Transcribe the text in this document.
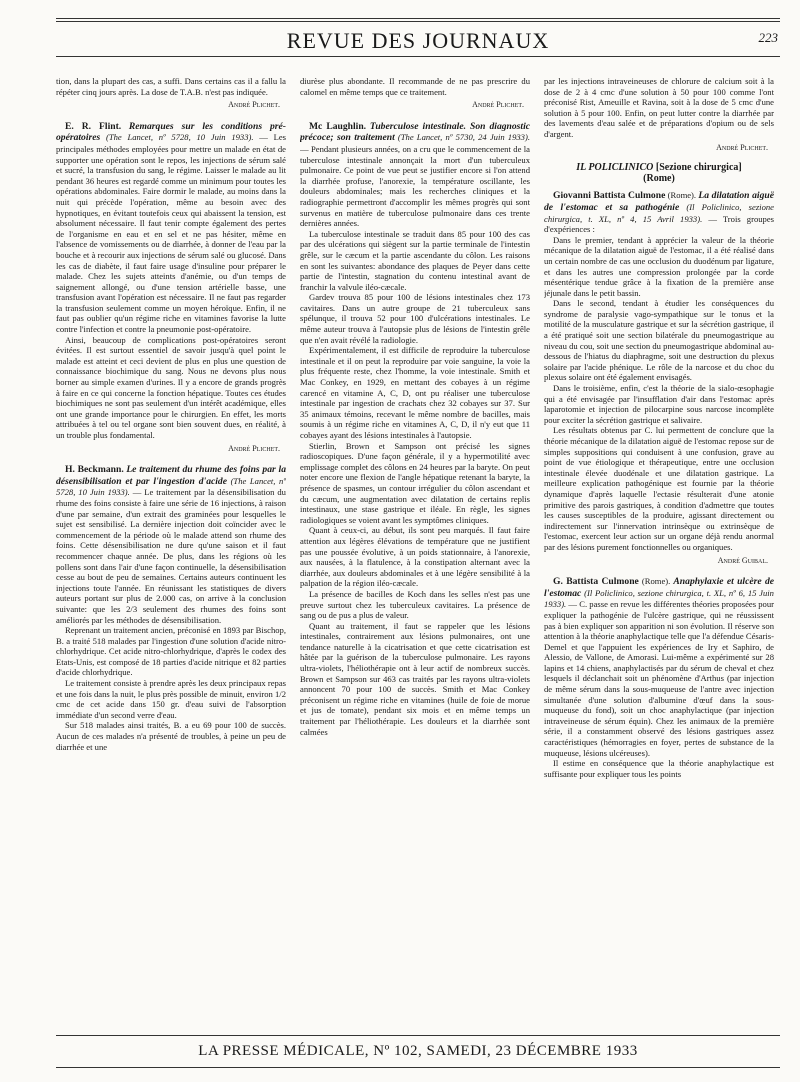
REVUE DES JOURNAUX	223

tion, dans la plupart des cas, a suffi. Dans certains cas il a fallu la répéter cinq jours après. La dose de T.A.B. n'est pas indiquée.

André Plichet.

E. R. Flint. Remarques sur les conditions pré-opératoires (The Lancet, nº 5728, 10 Juin 1933). — Les principales méthodes employées pour mettre un malade en état de supporter une opération sont le repos, les injections de sérum salé et sucré, la transfusion du sang, le régime. Laisser le malade au lit pendant 36 heures est regardé comme un minimum pour toutes les opérations abdominales. Faire dormir le malade, au moins dans la nuit qui précède l'opération, même au besoin avec des hypnotiques, en évitant toutefois ceux qui abaissent la tension, est absolument nécessaire. Il faut tenir compte également des pertes de l'organisme en eau et en sel et ne pas hésiter, même en l'absence de vomissements ou de diarrhée, à donner de l'eau par la bouche et à recourir aux injections de sérum salé ou glucosé. Dans les cas de diabète, il faut faire usage d'insuline pour préparer le malade. Chez les sujets atteints d'anémie, ou d'un temps de saignement allongé, ou d'une tension artérielle basse, une transfusion avant l'opération est nécessaire. Il ne faut pas regarder la transfusion seulement comme un moyen héroïque. Enfin, il ne faut pas oublier qu'un régime riche en vitamines favorise la lutte contre l'infection et contre la pneumonie post-opératoire.

Ainsi, beaucoup de complications post-opératoires seront évitées. Il est surtout essentiel de savoir jusqu'à quel point le malade est atteint et ceci devient de plus en plus une question de connaissance biochimique du sang. Nous ne devons plus nous borner au simple examen d'urines. Il y a encore de grands progrès à faire en ce qui concerne la fonction hépatique. Toutes ces études biochimiques ne sont pas seulement d'un intérêt académique, elles ont une grande importance pour le chirurgien. En effet, les morts attribuées à tel ou tel organe sont bien souvent dues, en réalité, à un trouble plus fondamental.

André Plichet.

H. Beckmann. Le traitement du rhume des foins par la désensibilisation et par l'ingestion d'acide (The Lancet, nº 5728, 10 Juin 1933). — Le traitement par la désensibilisation du rhume des foins consiste à faire une série de 16 injections, à raison d'une par semaine, d'un extrait des graminées pour lesquelles le sujet est sensibilisé. La dernière injection doit coïncider avec le commencement de la période où le malade attend son rhume des foins. Cette désensibilisation ne dure qu'une saison et il faut recommencer chaque année. De plus, dans les régions où les pollens sont dans l'air d'une façon continuelle, la désensibilisation cesse au bout de peu de semaines. Certains auteurs continuent les injections toute l'année. En réunissant les statistiques de divers auteurs portant sur plus de 2.000 cas, on arrive à la conclusion suivante: que les 2/3 seulement des rhumes des foins sont améliorés par les méthodes de désensibilisation.

Reprenant un traitement ancien, préconisé en 1893 par Bischop, B. a traité 518 malades par l'ingestion d'une solution d'acide nitro-chlorhydrique. Cet acide nitro-chlorhydrique, d'après le codex des Etats-Unis, est composé de 18 parties d'acide nitrique et 82 parties d'acide chlorhydrique.

Le traitement consiste à prendre après les deux principaux repas et une fois dans la nuit, le plus près possible de minuit, environ 1/2 cmc de cet acide dans 150 gr. d'eau suivi de l'absorption immédiate d'un second verre d'eau.

Sur 518 malades ainsi traités, B. a eu 69 pour 100 de succès. Aucun de ces malades n'a présenté de troubles, à peine un peu de diarrhée et une

diurèse plus abondante. Il recommande de ne pas prescrire du calomel en même temps que ce traitement.

André Plichet.

Mc Laughlin. Tuberculose intestinale. Son diagnostic précoce; son traitement (The Lancet, nº 5730, 24 Juin 1933). — Pendant plusieurs années, on a cru que le commencement de la tuberculose intestinale annonçait la mort d'un tuberculeux pulmonaire. Ce point de vue peut se justifier encore si l'on attend la diarrhée profuse, l'anorexie, la température oscillante, les douleurs abdominales; mais les recherches cliniques et la radiographie permettront d'accomplir les mêmes progrès qui sont survenus en matière de tuberculose pulmonaire dans ces trente dernières années.

La tuberculose intestinale se traduit dans 85 pour 100 des cas par des ulcérations qui siègent sur la partie terminale de l'intestin grêle, sur le cæcum et la partie ascendante du côlon. Les raisons en sont les suivantes: abondance des plaques de Peyer dans cette partie de l'intestin, stagnation du contenu intestinal avant de franchir la valvule iléo-cæcale.

Gardev trouva 85 pour 100 de lésions intestinales chez 173 cavitaires. Dans un autre groupe de 21 tuberculeux sans spélunque, il trouva 52 pour 100 d'ulcérations intestinales. Le même auteur trouva à l'autopsie plus de lésions de l'intestin grêle que n'en avait révélé la radiologie.

Expérimentalement, il est difficile de reproduire la tuberculose intestinale et il on peut la reproduire par voie sanguine, la voie la plus fréquente reste, chez l'homme, la voie intestinale. Smith et Mac Conkey, en 1929, en mettant des cobayes à un régime carencé en vitamine A, C, D, ont pu réaliser une tuberculose intestinale par ingestion de crachats chez 32 cobayes sur 37. Sur 35 animaux témoins, recevant le même nombre de bacilles, mais soumis à un régime riche en vitamines A, C, D, il n'y eut que 11 cobayes ayant des lésions intestinales à l'autopsie.

Stierlin, Brown et Sampson ont précisé les signes radioscopiques. D'une façon générale, il y a hypermotilité avec emplissage complet des côlons en 24 heures par la baryte. On peut noter encore une flexion de l'angle hépatique retenant la baryte, la présence de spasmes, un contour irrégulier du côlon ascendant et du cæcum, une augmentation avec dilatation de certains replis intestinaux, une stase gastrique et iléale. En règle, les signes radiologiques se voient avant les symptômes cliniques.

Quant à ceux-ci, au début, ils sont peu marqués. Il faut faire attention aux légères élévations de température que ne justifient pas une poussée évolutive, à un poids stationnaire, à l'anorexie, aux nausées, à la flatulence, à la constipation alternant avec la diarrhée, aux douleurs abdominales et à une légère sensibilité à la palpation de la région iléo-cæcale.

La présence de bacilles de Koch dans les selles n'est pas une preuve surtout chez les tuberculeux cavitaires. La présence de sang ou de pus a plus de valeur.

Quant au traitement, il faut se rappeler que les lésions intestinales, contrairement aux lésions pulmonaires, ont une tendance naturelle à la cicatrisation et que cette cicatrisation est hâtée par la guérison de la tuberculose pulmonaire. Les rayons ultra-violets, l'héliothérapie ont à leur actif de nombreux succès. Brown et Sampson sur 463 cas traités par les rayons ultra-violets annoncent 70 pour 100 de succès. Smith et Mac Conkey préconisent un régime riche en vitamines (huile de foie de morue et jus de tomate), pendant six mois et en même temps un traitement par l'héliothérapie. Les douleurs et la diarrhée sont calmées

par les injections intraveineuses de chlorure de calcium soit à la dose de 2 à 4 cmc d'une solution à 50 pour 100 comme l'ont préconisé Rist, Ameuille et Ravina, soit à la dose de 5 cmc d'une solution à 5 pour 100. Enfin, on peut lutter contre la diarrhée par des lavements d'eau salée et de préparations d'opium ou de sels d'argent.

André Plichet.
IL POLICLINICO [Sezione chirurgica]
(Rome)

Giovanni Battista Culmone (Rome). La dilatation aiguë de l'estomac et sa pathogénie (Il Policlinico, sezione chirurgica, t. XL, nº 4, 15 Avril 1933). — Trois groupes d'expériences :

Dans le premier, tendant à apprécier la valeur de la théorie mécanique de la dilatation aiguë de l'estomac, il a été réalisé dans un certain nombre de cas une occlusion du duodénum par ligature, et dans les autres une compression prolongée par la corde mésentérique tendue grâce à la fixation de la première anse jéjunale dans le petit bassin.

Dans le second, tendant à étudier les conséquences du syndrome de paralysie vago-sympathique sur le tonus et la motilité de la musculature gastrique et sur la sécrétion gastrique, il a été pratiqué soit une section bilatérale du pneumogastrique au niveau du cou, soit une section du pneumogastrique abdominal au-dessous de l'hiatus du diaphragme, soit une destruction du plexus solaire par l'acide phénique. Le rôle de la narcose et du choc du plexus solaire ont été également envisagés.

Dans le troisième, enfin, c'est la théorie de la sialo-œsophagie qui a été envisagée par l'insufflation d'air dans l'estomac après laparotomie et injection de pilocarpine sous narcose incomplète pour exciter la sécrétion gastrique et salivaire.

Les résultats obtenus par C. lui permettent de conclure que la théorie mécanique de la dilatation aiguë de l'estomac repose sur de simples suppositions qui conduisent à une confusion, grave au point de vue étiologique et thérapeutique, entre une occlusion intestinale élevée duodénale et une dilatation gastrique. La meilleure explication pathogénique est fournie par la théorie dynamique d'après laquelle l'ectasie résulterait d'une atonie primitive des parois gastriques, à condition d'admettre que toutes les causes susceptibles de la produire, agissant directement ou indirectement sur l'innervation intrinsèque ou extrinsèque de l'estomac, exercent leur action sur un organe déjà rendu anormal par des lésions purement fonctionnelles ou organiques.

André Guibal.

G. Battista Culmone (Rome). Anaphylaxie et ulcère de l'estomac (Il Policlinico, sezione chirurgica, t. XL, nº 6, 15 Juin 1933). — C. passe en revue les différentes théories proposées pour expliquer la pathogénie de l'ulcère gastrique, qui ne réussissent pas à bien expliquer son apparition ni son évolution. Il réserve son attention à la théorie anaphylactique telle que l'a défendue Césaris-Demel et que l'appuient les expériences de Iry et Saphiro, de Alessio, de Vallone, de Amorasi. Lui-même a expérimenté sur 28 lapins et 14 chiens, anaphylactisés par du sérum de cheval et chez lesquels il déclanchait soit un phénomène d'Arthus (par injection de même sérum dans la sous-muqueuse de l'antre avec injection simultanée d'une solution d'albumine d'œuf dans la sous-muqueuse du fond), soit un choc anaphylactique (par injection intraveineuse de sérum équin). Chez les animaux de la première série, il a constamment observé des lésions gastriques assez caractéristiques (hémorragies en foyer, pertes de substance de la muqueuse, lésions ulcéreuses).

Il estime en conséquence que la théorie anaphylactique est suffisante pour expliquer tous les points

LA PRESSE MÉDICALE, Nº 102, SAMEDI, 23 DÉCEMBRE 1933
